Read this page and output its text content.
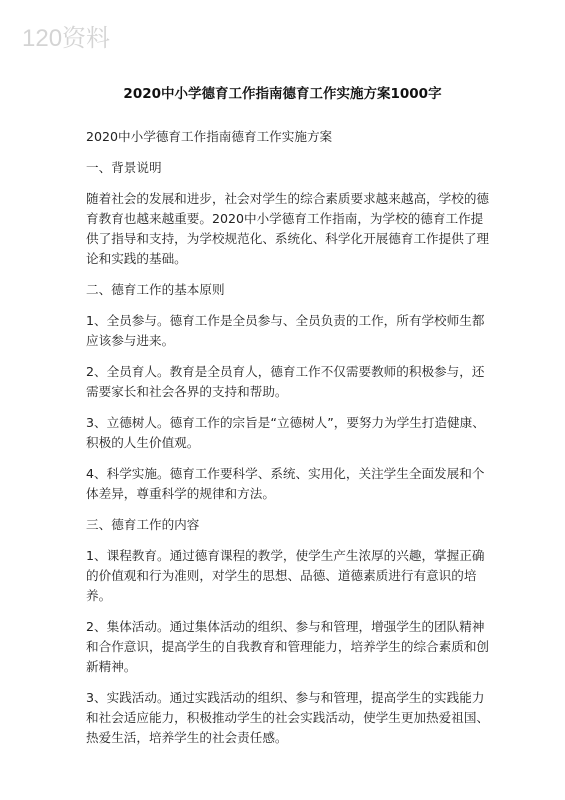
120资料
2020中小学德育工作指南德育工作实施方案1000字

2020中小学德育工作指南德育工作实施方案

一、背景说明

随着社会的发展和进步，社会对学生的综合素质要求越来越高，学校的德育教育也越来越重要。2020中小学德育工作指南，为学校的德育工作提供了指导和支持，为学校规范化、系统化、科学化开展德育工作提供了理论和实践的基础。

二、德育工作的基本原则

1、全员参与。德育工作是全员参与、全员负责的工作，所有学校师生都应该参与进来。

2、全员育人。教育是全员育人，德育工作不仅需要教师的积极参与，还需要家长和社会各界的支持和帮助。

3、立德树人。德育工作的宗旨是“立德树人”，要努力为学生打造健康、积极的人生价值观。

4、科学实施。德育工作要科学、系统、实用化，关注学生全面发展和个体差异，尊重科学的规律和方法。

三、德育工作的内容

1、课程教育。通过德育课程的教学，使学生产生浓厚的兴趣，掌握正确的价值观和行为准则，对学生的思想、品德、道德素质进行有意识的培养。

2、集体活动。通过集体活动的组织、参与和管理，增强学生的团队精神和合作意识，提高学生的自我教育和管理能力，培养学生的综合素质和创新精神。

3、实践活动。通过实践活动的组织、参与和管理，提高学生的实践能力和社会适应能力，积极推动学生的社会实践活动，使学生更加热爱祖国、热爱生活，培养学生的社会责任感。
